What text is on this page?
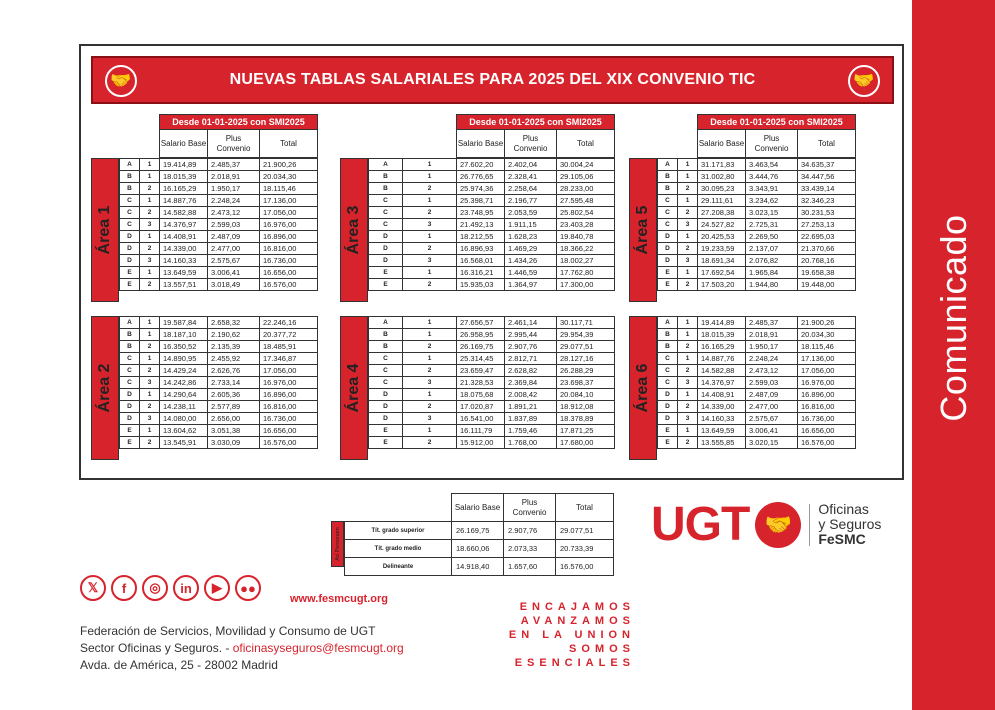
Comunicado
🤝	NUEVAS TABLAS SALARIALES PARA 2025 DEL XIX CONVENIO TIC	🤝
Desde 01-01-2025 con SMI2025
Salario Base
Plus Convenio
Total
Área 1
A	1	19.414,89	2.485,37	21.900,26
B	1	18.015,39	2.018,91	20.034,30
B	2	16.165,29	1.950,17	18.115,46
C	1	14.887,76	2.248,24	17.136,00
C	2	14.582,88	2.473,12	17.056,00
C	3	14.376,97	2.599,03	16.976,00
D	1	14.408,91	2.487,09	16.896,00
D	2	14.339,00	2.477,00	16.816,00
D	3	14.160,33	2.575,67	16.736,00
E	1	13.649,59	3.006,41	16.656,00
E	2	13.557,51	3.018,49	16.576,00
Desde 01-01-2025 con SMI2025
Salario Base
Plus Convenio
Total
Área 3
A	1	27.602,20	2.402,04	30.004,24
B	1	26.776,65	2.328,41	29.105,06
B	2	25.974,36	2.258,64	28.233,00
C	1	25.398,71	2.196,77	27.595,48
C	2	23.748,95	2.053,59	25.802,54
C	3	21.492,13	1.911,15	23.403,28
D	1	18.212,55	1.628,23	19.840,78
D	2	16.896,93	1.469,29	18.366,22
D	3	16.568,01	1.434,26	18.002,27
E	1	16.316,21	1.446,59	17.762,80
E	2	15.935,03	1.364,97	17.300,00
Desde 01-01-2025 con SMI2025
Salario Base
Plus Convenio
Total
Área 5
A	1	31.171,83	3.463,54	34.635,37
B	1	31.002,80	3.444,76	34.447,56
B	2	30.095,23	3.343,91	33.439,14
C	1	29.111,61	3.234,62	32.346,23
C	2	27.208,38	3.023,15	30.231,53
C	3	24.527,82	2.725,31	27.253,13
D	1	20.425,53	2.269,50	22.695,03
D	2	19.233,59	2.137,07	21.370,66
D	3	18.691,34	2.076,82	20.768,16
E	1	17.692,54	1.965,84	19.658,38
E	2	17.503,20	1.944,80	19.448,00
Área 2
A	1	19.587,84	2.658,32	22.246,16
B	1	18.187,10	2.190,62	20.377,72
B	2	16.350,52	2.135,39	18.485,91
C	1	14.890,95	2.455,92	17.346,87
C	2	14.429,24	2.626,76	17.056,00
C	3	14.242,86	2.733,14	16.976,00
D	1	14.290,64	2.605,36	16.896,00
D	2	14.238,11	2.577,89	16.816,00
D	3	14.080,00	2.656,00	16.736,00
E	1	13.604,62	3.051,38	16.656,00
E	2	13.545,91	3.030,09	16.576,00
Área 4
A	1	27.656,57	2.461,14	30.117,71
B	1	26.958,95	2.995,44	29.954,39
B	2	26.169,75	2.907,76	29.077,51
C	1	25.314,45	2.812,71	28.127,16
C	2	23.659,47	2.628,82	26.288,29
C	3	21.328,53	2.369,84	23.698,37
D	1	18.075,68	2.008,42	20.084,10
D	2	17.020,87	1.891,21	18.912,08
D	3	16.541,00	1.837,89	18.378,89
E	1	16.111,79	1.759,46	17.871,25
E	2	15.912,00	1.768,00	17.680,00
Área 6
A	1	19.414,89	2.485,37	21.900,26
B	1	18.015,39	2.018,91	20.034,30
B	2	16.165,29	1.950,17	18.115,46
C	1	14.887,76	2.248,24	17.136,00
C	2	14.582,88	2.473,12	17.056,00
C	3	14.376,97	2.599,03	16.976,00
D	1	14.408,91	2.487,09	16.896,00
D	2	14.339,00	2.477,00	16.816,00
D	3	14.160,33	2.575,67	16.736,00
E	1	13.649,59	3.006,41	16.656,00
E	2	13.555,85	3.020,15	16.576,00
Salario Base
Plus Convenio
Total
Ad Personam	Tít. grado superior	26.169,75	2.907,76	29.077,51
Tít. grado medio	18.660,06	2.073,33	20.733,39
Delineante	14.918,40	1.657,60	16.576,00
UGT 🤝
Oficinas
y Seguros
FeSMC
𝕏	f	◎	in	▶	●●
www.fesmcugt.org
Federación de Servicios, Movilidad y Consumo de UGT
Sector Oficinas y Seguros. - oficinasyseguros@fesmcugt.org
Avda. de América, 25 - 28002 Madrid
ENCAJAMOS
AVANZAMOS
EN LA UNION
SOMOS
ESENCIALES
